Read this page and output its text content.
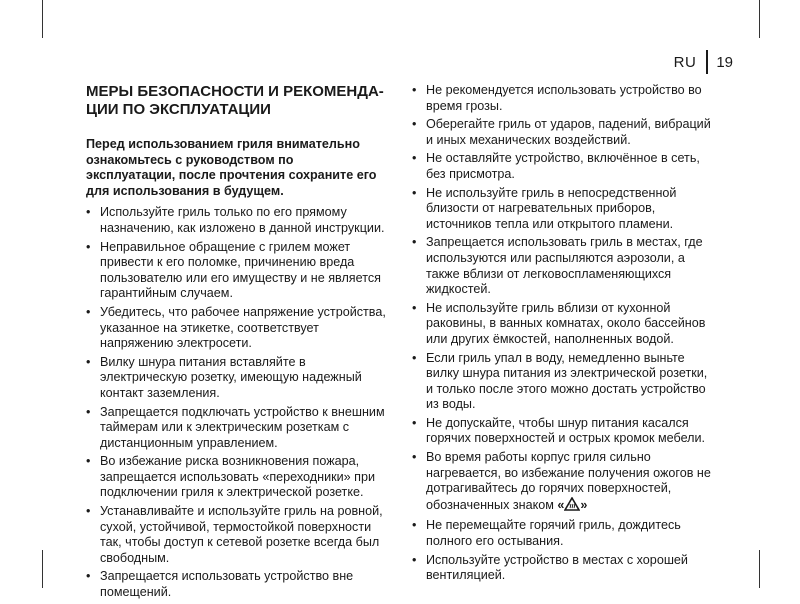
RU 19
МЕРЫ БЕЗОПАСНОСТИ И РЕКОМЕНДА-ЦИИ ПО ЭКСПЛУАТАЦИИ

Перед использованием гриля внимательно ознакомьтесь с руководством по эксплуатации, после прочтения сохраните его для использования в будущем.

• Используйте гриль только по его прямому назначению, как изложено в данной инструкции.
• Неправильное обращение с грилем может привести к его поломке, причинению вреда пользователю или его имуществу и не является гарантийным случаем.
• Убедитесь, что рабочее напряжение устройства, указанное на этикетке, соответствует напряжению электросети.
• Вилку шнура питания вставляйте в электрическую розетку, имеющую надежный контакт заземления.
• Запрещается подключать устройство к внешним таймерам или к электрическим розеткам с дистанционным управлением.
• Во избежание риска возникновения пожара, запрещается использовать «переходники» при подключении гриля к электрической розетке.
• Устанавливайте и используйте гриль на ровной, сухой, устойчивой, термостойкой поверхности так, чтобы доступ к сетевой розетке всегда был свободным.
• Запрещается использовать устройство вне помещений.
• Не рекомендуется использовать устройство во время грозы.
• Оберегайте гриль от ударов, падений, вибраций и иных механических воздействий.
• Не оставляйте устройство, включённое в сеть, без присмотра.
• Не используйте гриль в непосредственной близости от нагревательных приборов, источников тепла или открытого пламени.
• Запрещается использовать гриль в местах, где используются или распыляются аэрозоли, а также вблизи от легковоспламеняющихся жидкостей.
• Не используйте гриль вблизи от кухонной раковины, в ванных комнатах, около бассейнов или других ёмкостей, наполненных водой.
• Если гриль упал в воду, немедленно выньте вилку шнура питания из электрической розетки, и только после этого можно достать устройство из воды.
• Не допускайте, чтобы шнур питания касался горячих поверхностей и острых кромок мебели.
• Во время работы корпус гриля сильно нагревается, во избежание получения ожогов не дотрагивайтесь до горячих поверхностей, обозначенных знаком « »
• Не перемещайте горячий гриль, дождитесь полного его остывания.
• Используйте устройство в местах с хорошей вентиляцией.
